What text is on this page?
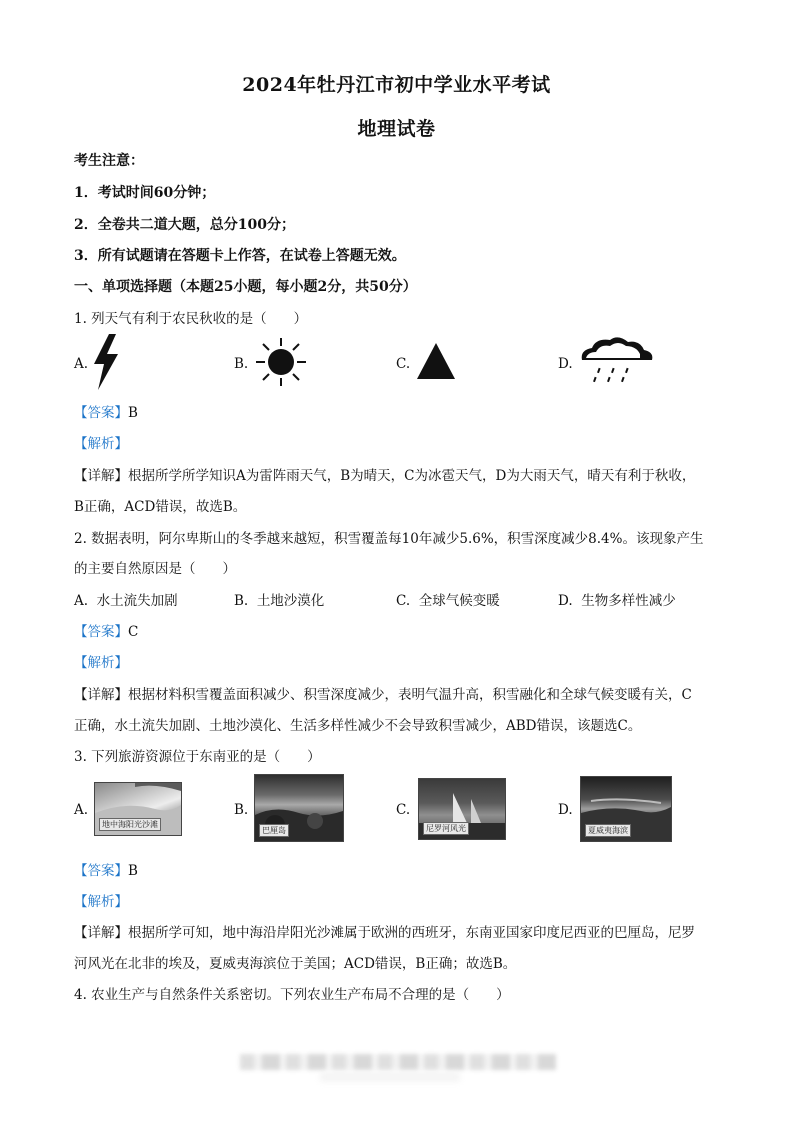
2024年牡丹江市初中学业水平考试
地理试卷
考生注意：
1．考试时间60分钟；
2．全卷共二道大题，总分100分；
3．所有试题请在答题卡上作答，在试卷上答题无效。
一、单项选择题（本题25小题，每小题2分，共50分）
1. 列天气有利于农民秋收的是（　　）
A.	B.	C.	D.
【答案】B
【解析】
【详解】根据所学所学知识A为雷阵雨天气，B为晴天，C为冰雹天气，D为大雨天气，晴天有利于秋收，
B正确，ACD错误，故选B。
2. 数据表明，阿尔卑斯山的冬季越来越短，积雪覆盖每10年减少5.6%，积雪深度减少8.4%。该现象产生
的主要自然原因是（　　）
A. 水土流失加剧	B. 土地沙漠化	C. 全球气候变暖	D. 生物多样性减少
【答案】C
【解析】
【详解】根据材料积雪覆盖面积减少、积雪深度减少，表明气温升高，积雪融化和全球气候变暖有关，C
正确，水土流失加剧、土地沙漠化、生活多样性减少不会导致积雪减少，ABD错误，该题选C。
3. 下列旅游资源位于东南亚的是（　　）
A.
地中海阳光沙滩
B.
巴厘岛
C.
尼罗河风光
D.
夏威夷海滨
【答案】B
【解析】
【详解】根据所学可知，地中海沿岸阳光沙滩属于欧洲的西班牙，东南亚国家印度尼西亚的巴厘岛，尼罗
河风光在北非的埃及，夏威夷海滨位于美国；ACD错误，B正确；故选B。
4. 农业生产与自然条件关系密切。下列农业生产布局不合理的是（　　）
